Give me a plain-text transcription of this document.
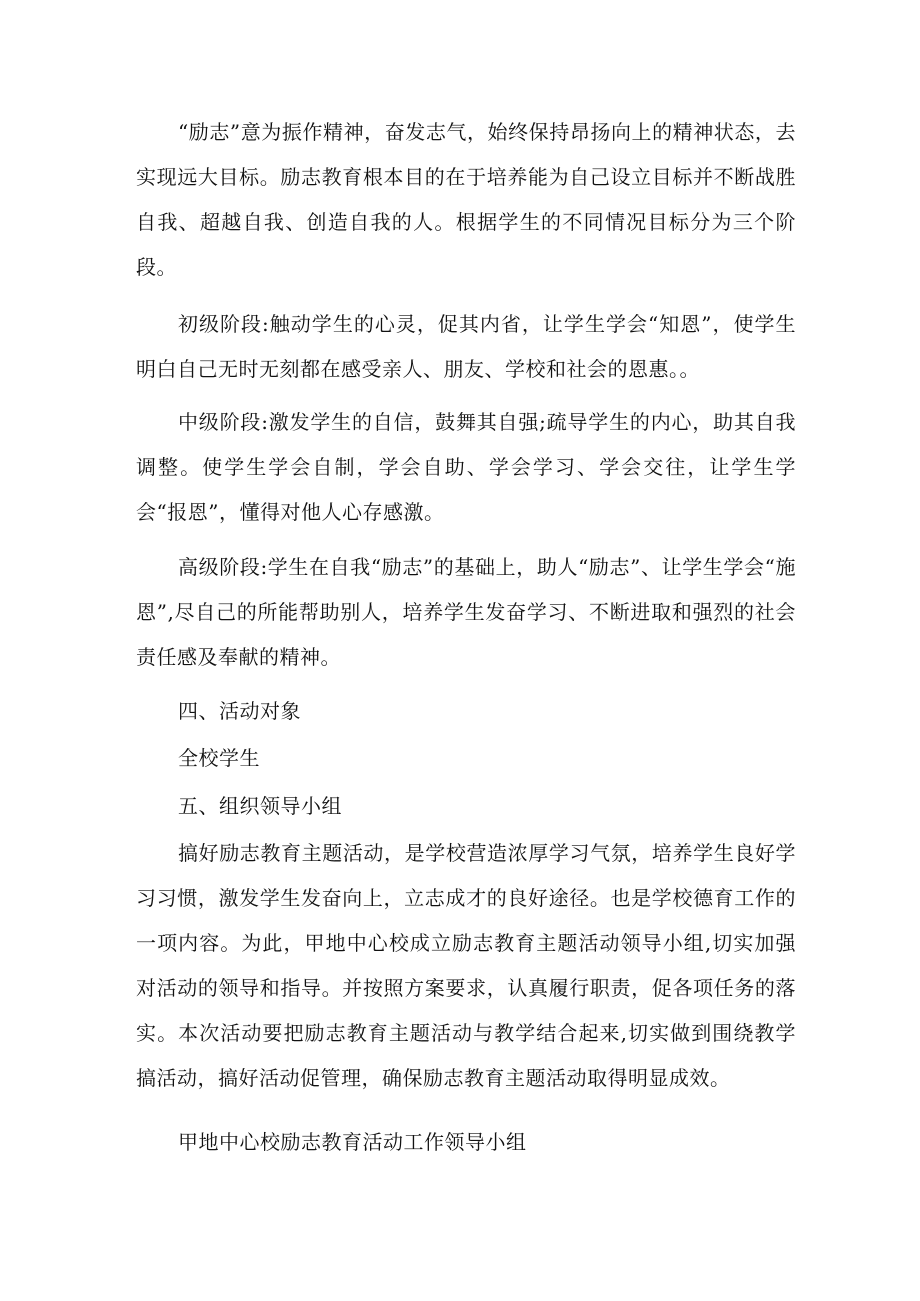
“励志”意为振作精神，奋发志气，始终保持昂扬向上的精神状态，去实现远大目标。励志教育根本目的在于培养能为自己设立目标并不断战胜自我、超越自我、创造自我的人。根据学生的不同情况目标分为三个阶段。

初级阶段:触动学生的心灵，促其内省，让学生学会“知恩”，使学生明白自己无时无刻都在感受亲人、朋友、学校和社会的恩惠。。

中级阶段:激发学生的自信，鼓舞其自强;疏导学生的内心，助其自我调整。使学生学会自制，学会自助、学会学习、学会交往，让学生学会“报恩”，懂得对他人心存感激。

高级阶段:学生在自我“励志”的基础上，助人“励志”、让学生学会“施恩”,尽自己的所能帮助别人，培养学生发奋学习、不断进取和强烈的社会责任感及奉献的精神。

四、活动对象

全校学生

五、组织领导小组

搞好励志教育主题活动，是学校营造浓厚学习气氛，培养学生良好学习习惯，激发学生发奋向上，立志成才的良好途径。也是学校德育工作的一项内容。为此，甲地中心校成立励志教育主题活动领导小组,切实加强对活动的领导和指导。并按照方案要求，认真履行职责，促各项任务的落实。本次活动要把励志教育主题活动与教学结合起来,切实做到围绕教学搞活动，搞好活动促管理，确保励志教育主题活动取得明显成效。

甲地中心校励志教育活动工作领导小组
